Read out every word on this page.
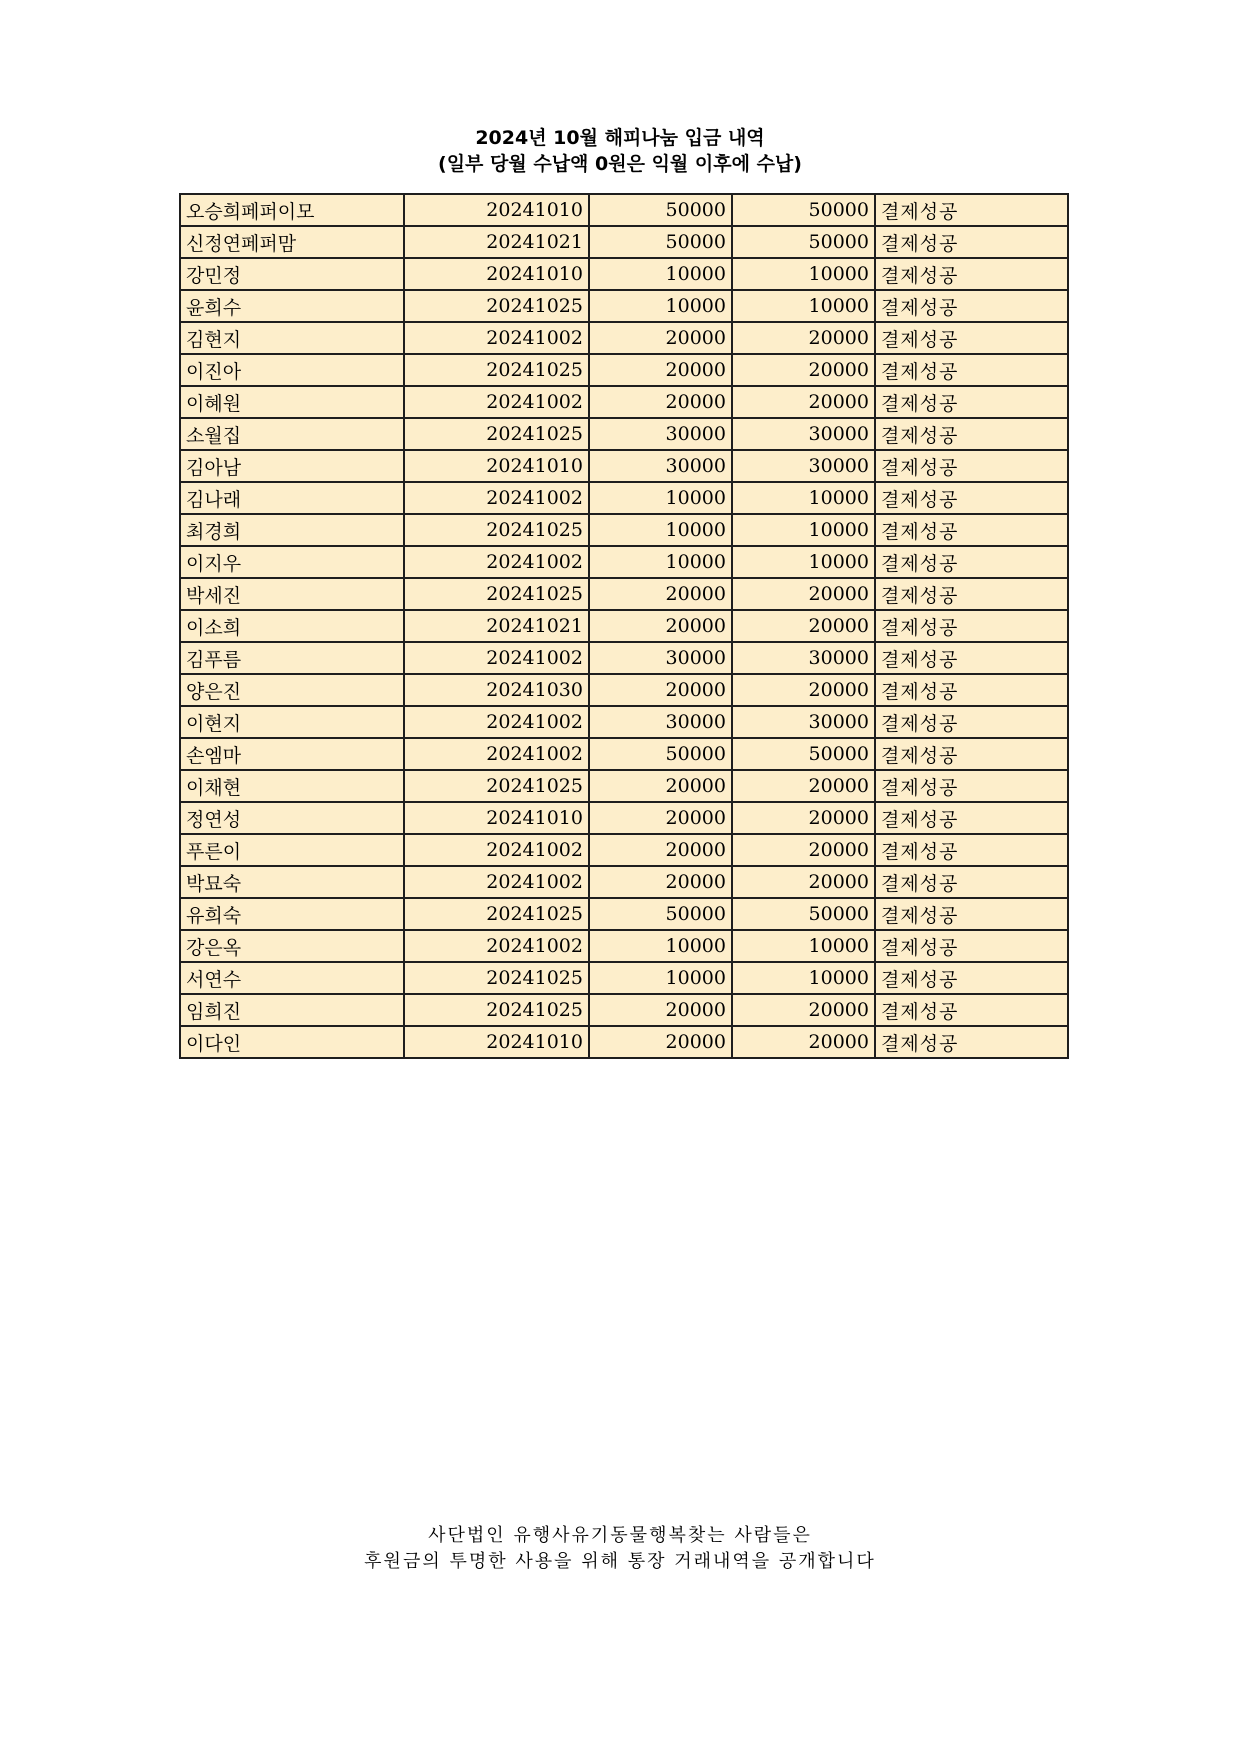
2024년 10월 해피나눔 입금 내역
(일부 당월 수납액 0원은 익월 이후에 수납)
오승희페퍼이모	20241010	50000	50000	결제성공
신정연페퍼맘	20241021	50000	50000	결제성공
강민정	20241010	10000	10000	결제성공
윤희수	20241025	10000	10000	결제성공
김현지	20241002	20000	20000	결제성공
이진아	20241025	20000	20000	결제성공
이혜원	20241002	20000	20000	결제성공
소월집	20241025	30000	30000	결제성공
김아남	20241010	30000	30000	결제성공
김나래	20241002	10000	10000	결제성공
최경희	20241025	10000	10000	결제성공
이지우	20241002	10000	10000	결제성공
박세진	20241025	20000	20000	결제성공
이소희	20241021	20000	20000	결제성공
김푸름	20241002	30000	30000	결제성공
양은진	20241030	20000	20000	결제성공
이현지	20241002	30000	30000	결제성공
손엠마	20241002	50000	50000	결제성공
이채현	20241025	20000	20000	결제성공
정연성	20241010	20000	20000	결제성공
푸른이	20241002	20000	20000	결제성공
박묘숙	20241002	20000	20000	결제성공
유희숙	20241025	50000	50000	결제성공
강은옥	20241002	10000	10000	결제성공
서연수	20241025	10000	10000	결제성공
임희진	20241025	20000	20000	결제성공
이다인	20241010	20000	20000	결제성공
사단법인 유행사유기동물행복찾는 사람들은
후원금의 투명한 사용을 위해 통장 거래내역을 공개합니다
